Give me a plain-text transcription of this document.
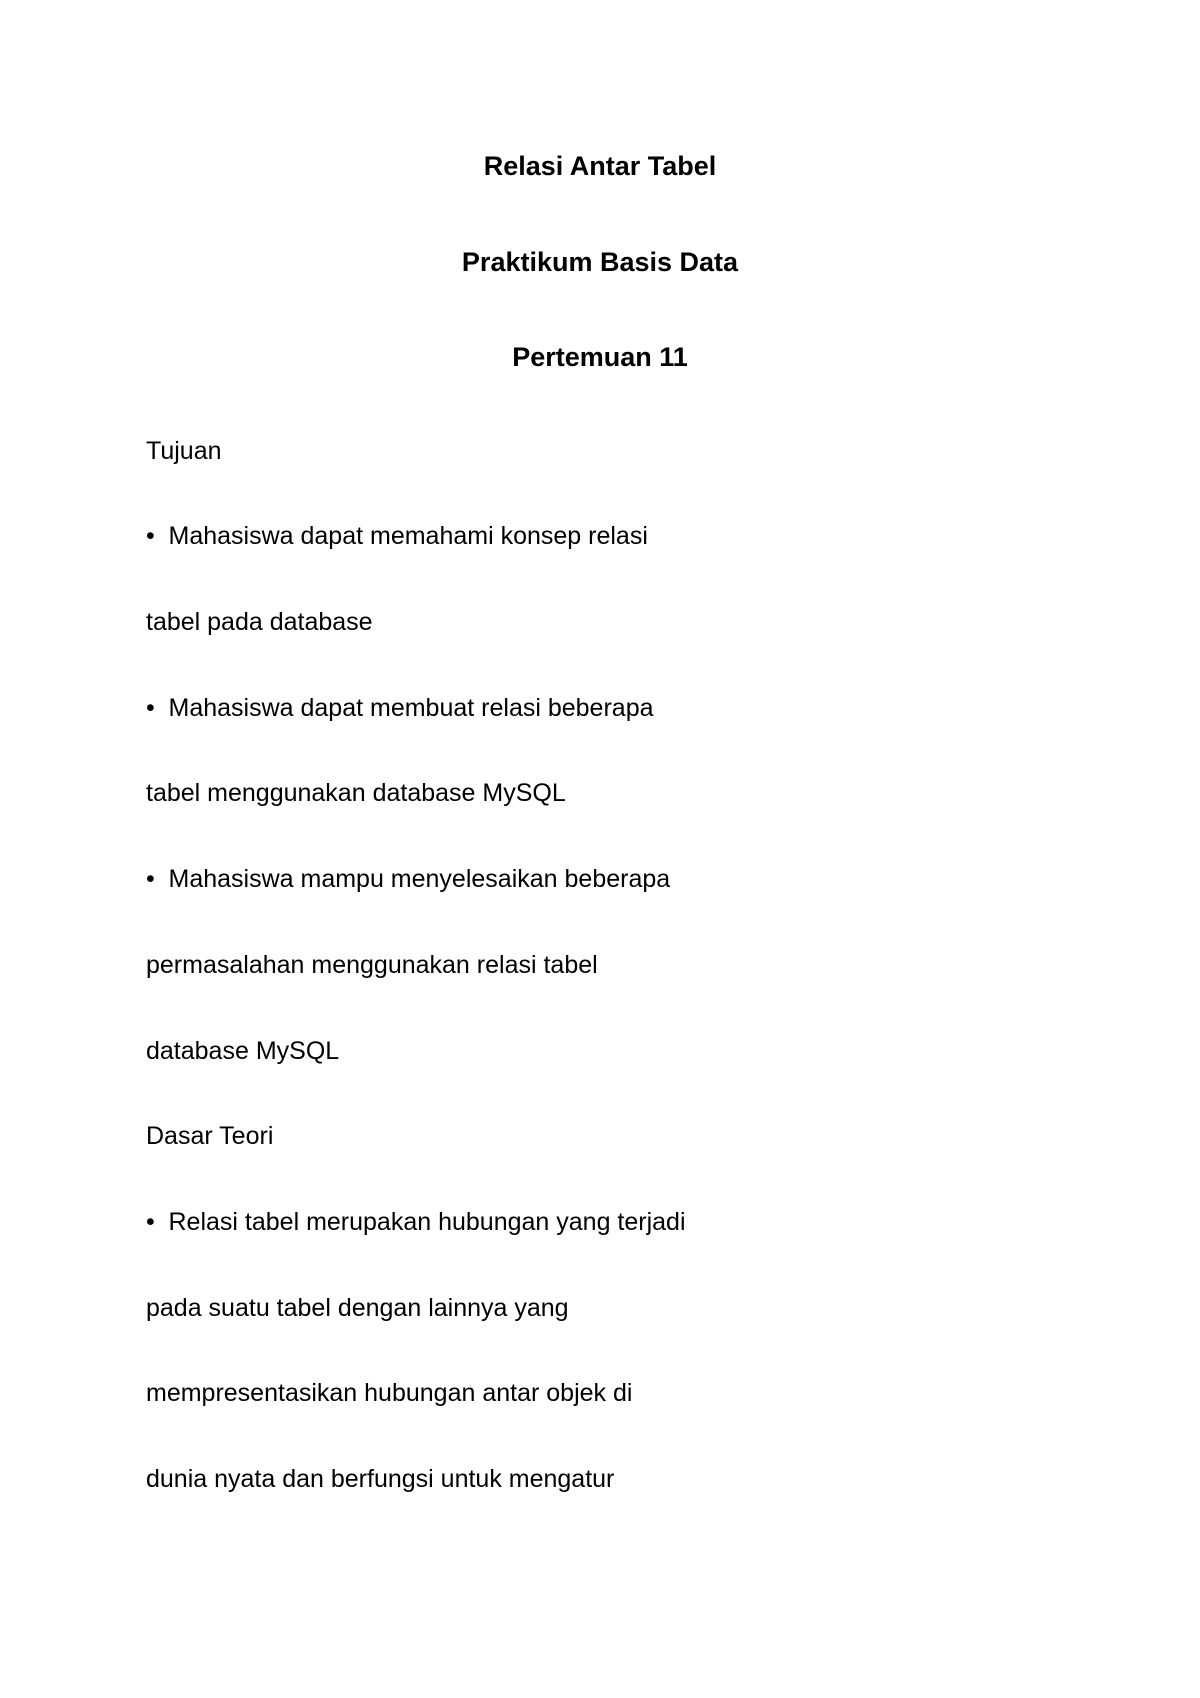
Relasi Antar Tabel
Praktikum Basis Data
Pertemuan 11

Tujuan

• Mahasiswa dapat memahami konsep relasi

tabel pada database

• Mahasiswa dapat membuat relasi beberapa

tabel menggunakan database MySQL

• Mahasiswa mampu menyelesaikan beberapa

permasalahan menggunakan relasi tabel

database MySQL

Dasar Teori

• Relasi tabel merupakan hubungan yang terjadi

pada suatu tabel dengan lainnya yang

mempresentasikan hubungan antar objek di

dunia nyata dan berfungsi untuk mengatur
